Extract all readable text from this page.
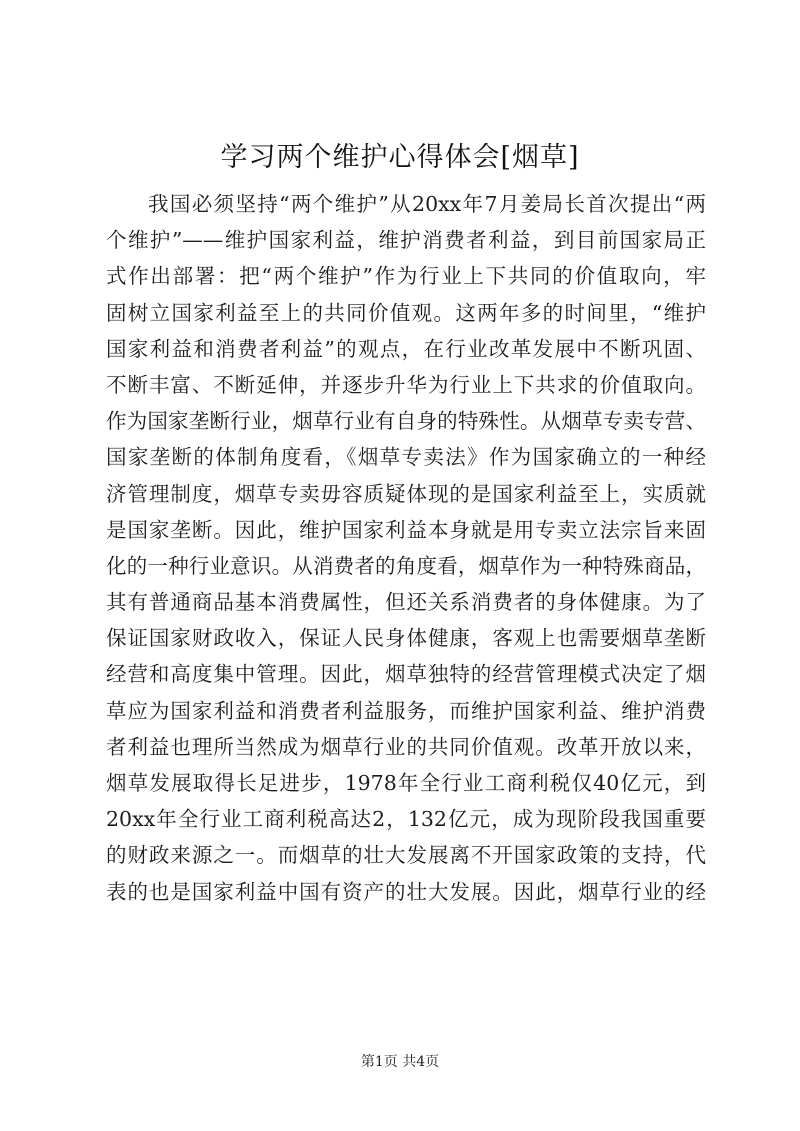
学习两个维护心得体会[烟草]
我国必须坚持“两个维护”从20xx年7月姜局长首次提出“两
个维护”——维护国家利益，维护消费者利益，到目前国家局正
式作出部署：把“两个维护”作为行业上下共同的价值取向，牢
固树立国家利益至上的共同价值观。这两年多的时间里，“维护
国家利益和消费者利益”的观点，在行业改革发展中不断巩固、
不断丰富、不断延伸，并逐步升华为行业上下共求的价值取向。
作为国家垄断行业，烟草行业有自身的特殊性。从烟草专卖专营、
国家垄断的体制角度看，《烟草专卖法》作为国家确立的一种经
济管理制度，烟草专卖毋容质疑体现的是国家利益至上，实质就
是国家垄断。因此，维护国家利益本身就是用专卖立法宗旨来固
化的一种行业意识。从消费者的角度看，烟草作为一种特殊商品，
其有普通商品基本消费属性，但还关系消费者的身体健康。为了
保证国家财政收入，保证人民身体健康，客观上也需要烟草垄断
经营和高度集中管理。因此，烟草独特的经营管理模式决定了烟
草应为国家利益和消费者利益服务，而维护国家利益、维护消费
者利益也理所当然成为烟草行业的共同价值观。改革开放以来，
烟草发展取得长足进步，1978年全行业工商利税仅40亿元，到
20xx年全行业工商利税高达2，132亿元，成为现阶段我国重要
的财政来源之一。而烟草的壮大发展离不开国家政策的支持，代
表的也是国家利益中国有资产的壮大发展。因此，烟草行业的经
第1页 共4页
